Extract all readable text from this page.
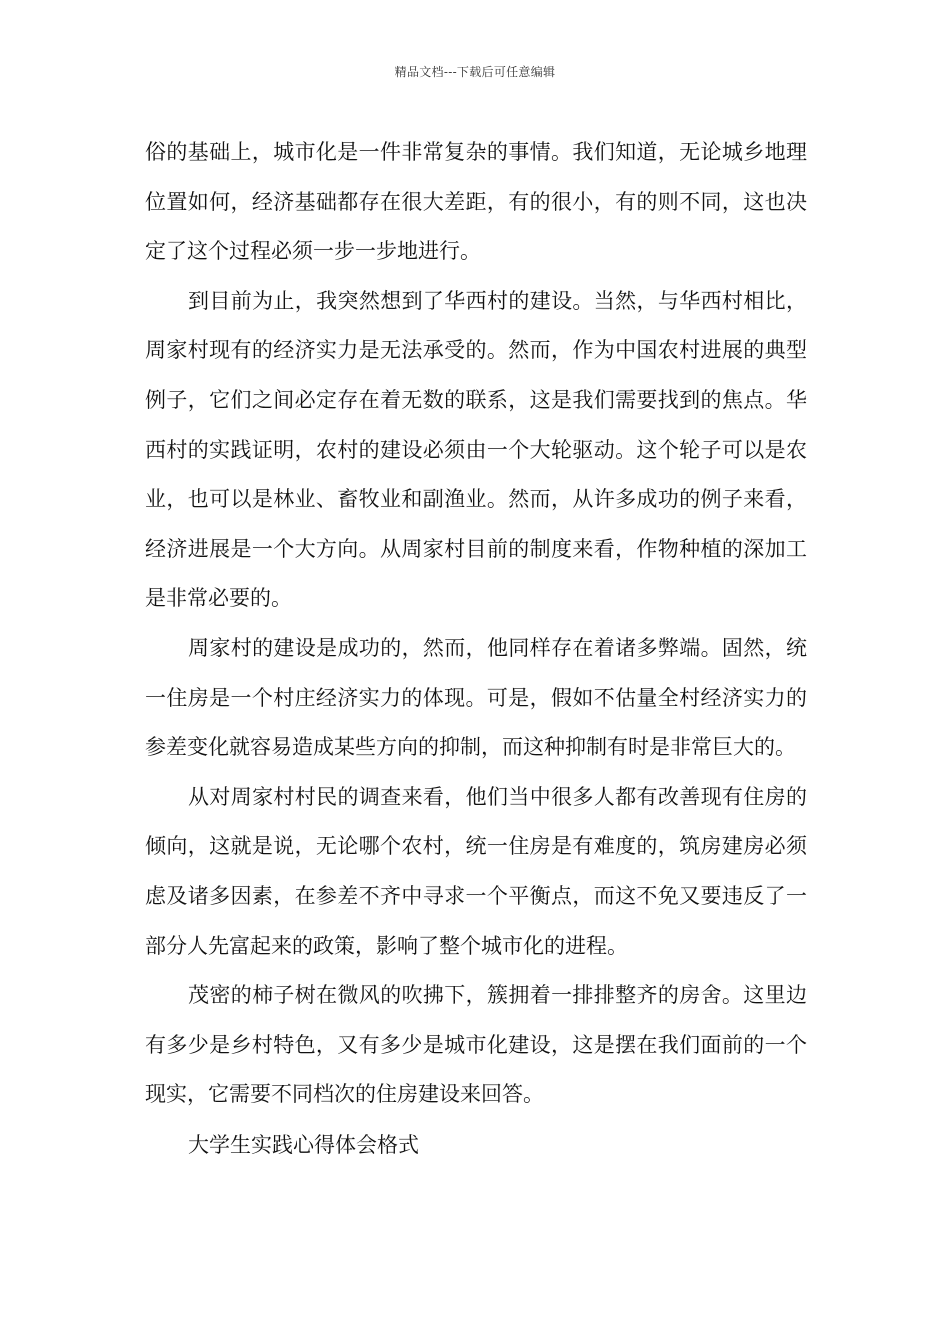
精品文档---下载后可任意编辑

俗的基础上，城市化是一件非常复杂的事情。我们知道，无论城乡地理位置如何，经济基础都存在很大差距，有的很小，有的则不同，这也决定了这个过程必须一步一步地进行。

到目前为止，我突然想到了华西村的建设。当然，与华西村相比，周家村现有的经济实力是无法承受的。然而，作为中国农村进展的典型例子，它们之间必定存在着无数的联系，这是我们需要找到的焦点。华西村的实践证明，农村的建设必须由一个大轮驱动。这个轮子可以是农业，也可以是林业、畜牧业和副渔业。然而，从许多成功的例子来看，经济进展是一个大方向。从周家村目前的制度来看，作物种植的深加工是非常必要的。

周家村的建设是成功的，然而，他同样存在着诸多弊端。固然，统一住房是一个村庄经济实力的体现。可是，假如不估量全村经济实力的参差变化就容易造成某些方向的抑制，而这种抑制有时是非常巨大的。

从对周家村村民的调查来看，他们当中很多人都有改善现有住房的倾向，这就是说，无论哪个农村，统一住房是有难度的，筑房建房必须虑及诸多因素，在参差不齐中寻求一个平衡点，而这不免又要违反了一部分人先富起来的政策，影响了整个城市化的进程。

茂密的柿子树在微风的吹拂下，簇拥着一排排整齐的房舍。这里边有多少是乡村特色，又有多少是城市化建设，这是摆在我们面前的一个现实，它需要不同档次的住房建设来回答。

大学生实践心得体会格式
